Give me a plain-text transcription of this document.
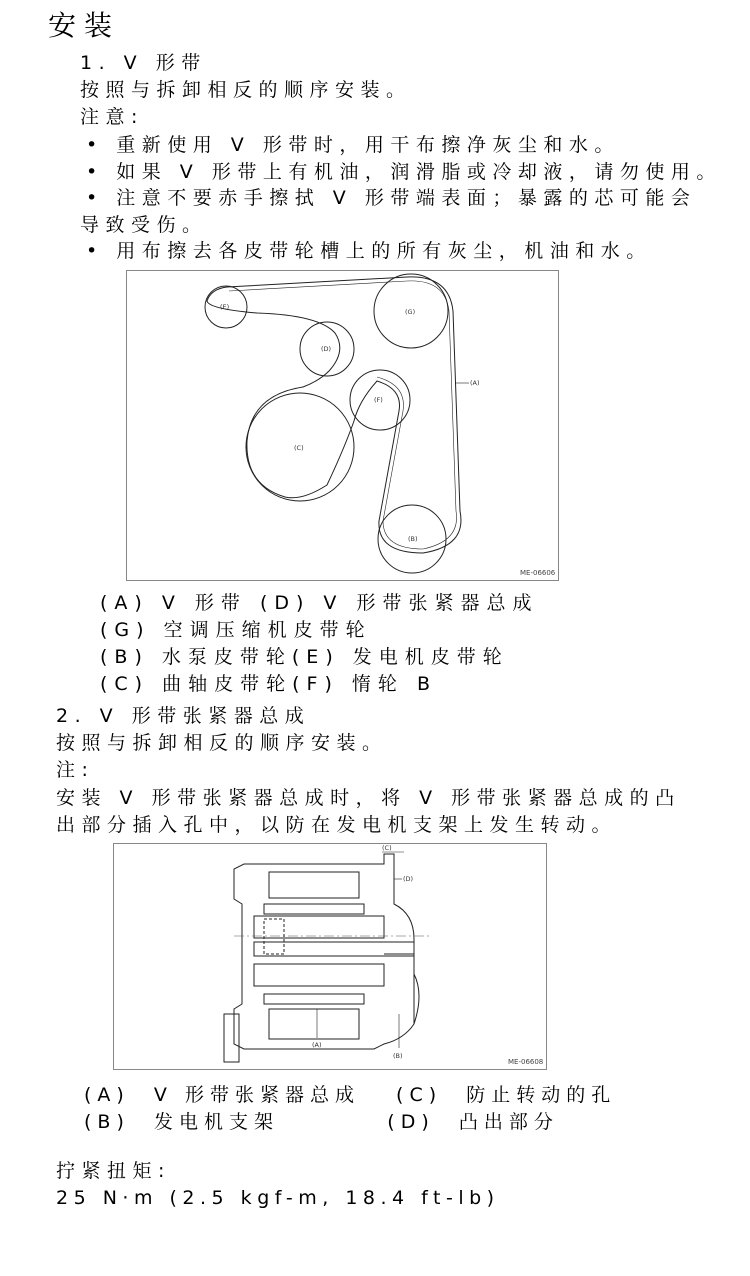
安装
1. V 形带
按照与拆卸相反的顺序安装。
注意:
• 重新使用 V 形带时，用干布擦净灰尘和水。
• 如果 V 形带上有机油，润滑脂或冷却液，请勿使用。
• 注意不要赤手擦拭 V 形带端表面；暴露的芯可能会
导致受伤。
• 用布擦去各皮带轮槽上的所有灰尘，机油和水。
(E)
(G)
(D)
(F)
(C)
(B)
(A)
ME-06606
(A) V 形带 (D) V 形带张紧器总成
(G) 空调压缩机皮带轮
(B) 水泵皮带轮(E) 发电机皮带轮
(C) 曲轴皮带轮(F) 惰轮 B
2. V 形带张紧器总成
按照与拆卸相反的顺序安装。
注:
安装 V 形带张紧器总成时，将 V 形带张紧器总成的凸
出部分插入孔中，以防在发电机支架上发生转动。
(C)
(D)
(A)
(B)
ME-06608
(A)  V 形带张紧器总成   (C)  防止转动的孔
(B)  发电机支架         (D)  凸出部分
拧紧扭矩:
25 N·m (2.5 kgf-m, 18.4 ft-lb)
